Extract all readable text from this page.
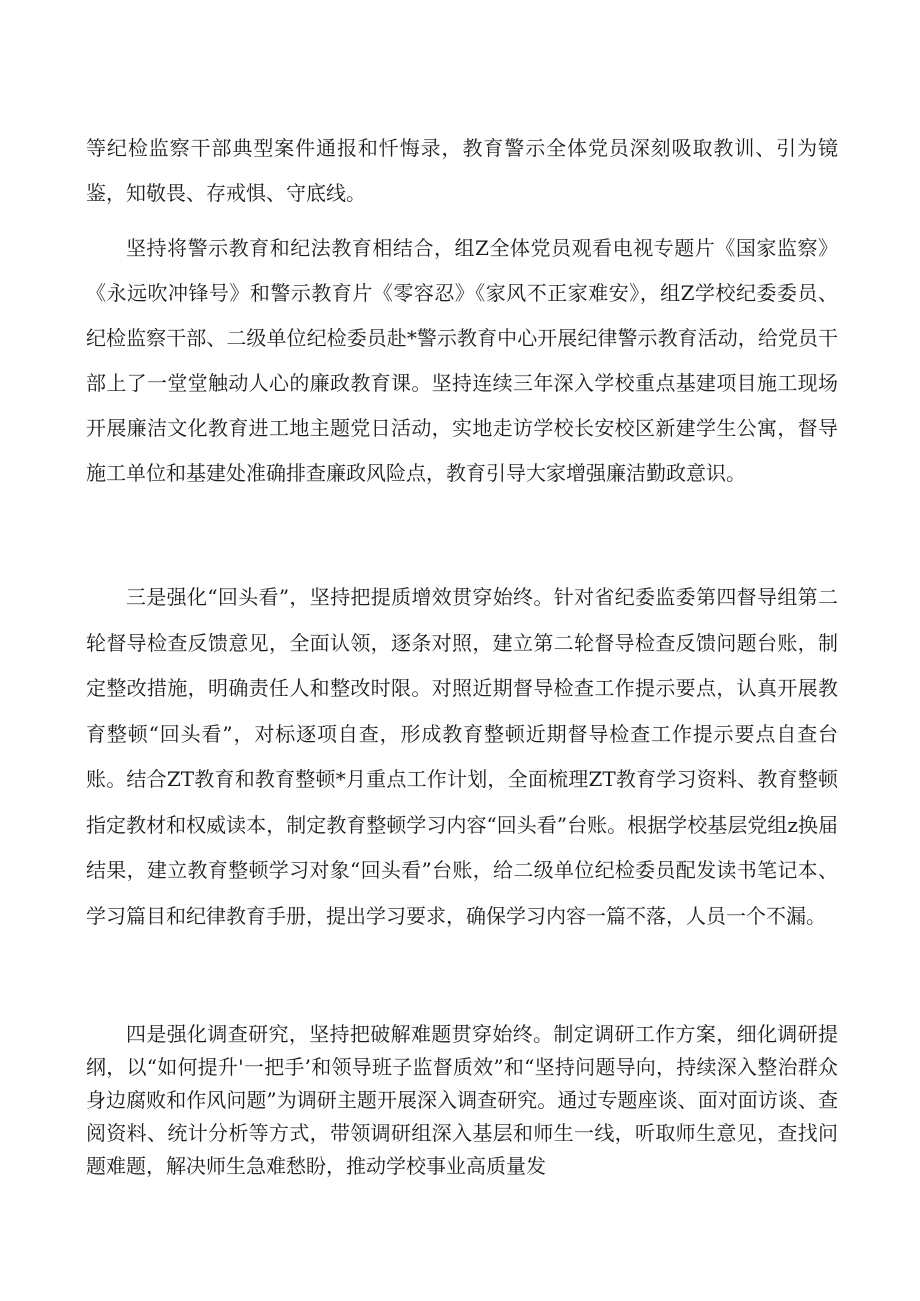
等纪检监察干部典型案件通报和忏悔录，教育警示全体党员深刻吸取教训、引为镜鉴，知敬畏、存戒惧、守底线。

坚持将警示教育和纪法教育相结合，组Z全体党员观看电视专题片《国家监察》《永远吹冲锋号》和警示教育片《零容忍》《家风不正家难安》，组Z学校纪委委员、纪检监察干部、二级单位纪检委员赴*警示教育中心开展纪律警示教育活动，给党员干部上了一堂堂触动人心的廉政教育课。坚持连续三年深入学校重点基建项目施工现场开展廉洁文化教育进工地主题党日活动，实地走访学校长安校区新建学生公寓，督导施工单位和基建处准确排查廉政风险点，教育引导大家增强廉洁勤政意识。

三是强化“回头看”，坚持把提质增效贯穿始终。针对省纪委监委第四督导组第二轮督导检查反馈意见，全面认领，逐条对照，建立第二轮督导检查反馈问题台账，制定整改措施，明确责任人和整改时限。对照近期督导检查工作提示要点，认真开展教育整顿“回头看”，对标逐项自查，形成教育整顿近期督导检查工作提示要点自查台账。结合ZT教育和教育整顿*月重点工作计划，全面梳理ZT教育学习资料、教育整顿指定教材和权威读本，制定教育整顿学习内容“回头看”台账。根据学校基层党组z换届结果，建立教育整顿学习对象“回头看”台账，给二级单位纪检委员配发读书笔记本、学习篇目和纪律教育手册，提出学习要求，确保学习内容一篇不落，人员一个不漏。

四是强化调查研究，坚持把破解难题贯穿始终。制定调研工作方案，细化调研提纲，以“如何提升'一把手’和领导班子监督质效”和“坚持问题导向，持续深入整治群众身边腐败和作风问题”为调研主题开展深入调查研究。通过专题座谈、面对面访谈、查阅资料、统计分析等方式，带领调研组深入基层和师生一线，听取师生意见，查找问题难题，解决师生急难愁盼，推动学校事业高质量发
